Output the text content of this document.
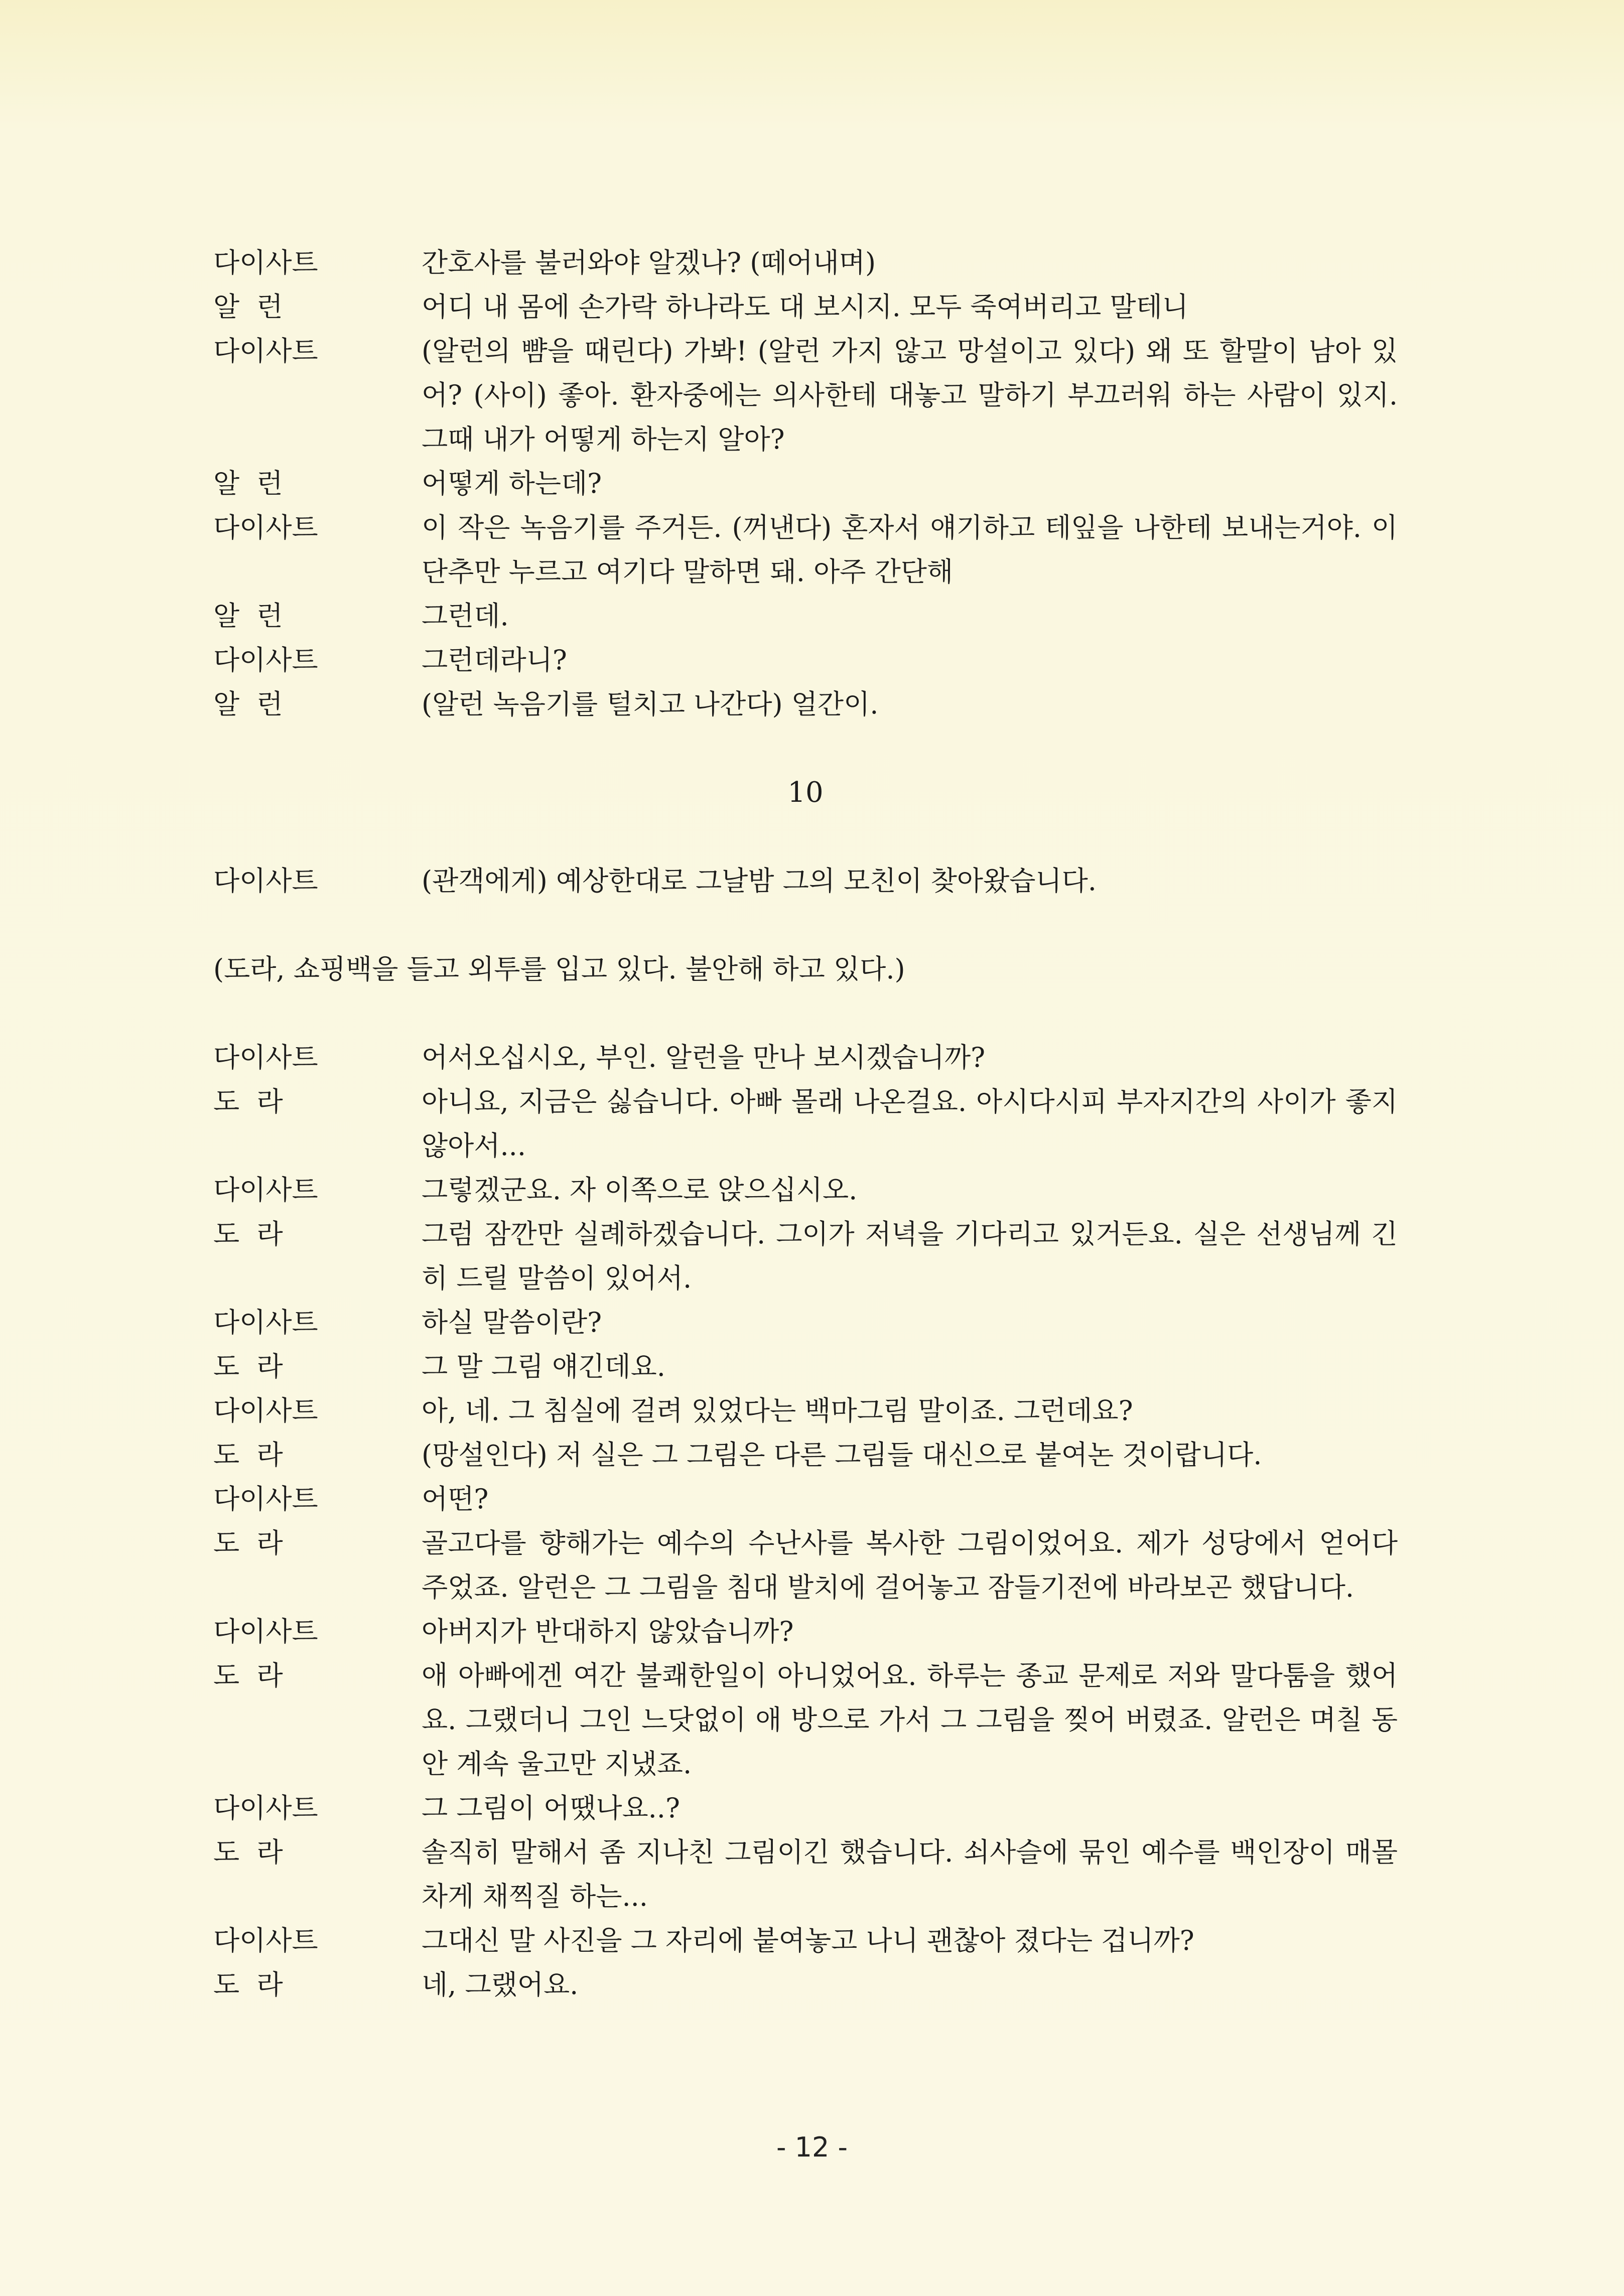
다이사트	간호사를 불러와야 알겠나? (떼어내며)
알  런	어디 내 몸에 손가락 하나라도 대 보시지. 모두 죽여버리고 말테니
다이사트	(알런의 뺨을 때린다) 가봐! (알런 가지 않고 망설이고 있다) 왜 또 할말이 남아 있어? (사이) 좋아. 환자중에는 의사한테 대놓고 말하기 부끄러워 하는 사람이 있지. 그때 내가 어떻게 하는지 알아?
알  런	어떻게 하는데?
다이사트	이 작은 녹음기를 주거든. (꺼낸다) 혼자서 얘기하고 테잎을 나한테 보내는거야. 이 단추만 누르고 여기다 말하면 돼. 아주 간단해
알  런	그런데.
다이사트	그런데라니?
알  런	(알런 녹음기를 털치고 나간다) 얼간이.
10
다이사트	(관객에게) 예상한대로 그날밤 그의 모친이 찾아왔습니다.
(도라, 쇼핑백을 들고 외투를 입고 있다. 불안해 하고 있다.)
다이사트	어서오십시오, 부인. 알런을 만나 보시겠습니까?
도  라	아니요, 지금은 싫습니다. 아빠 몰래 나온걸요. 아시다시피 부자지간의 사이가 좋지 않아서...
다이사트	그렇겠군요. 자 이쪽으로 앉으십시오.
도  라	그럼 잠깐만 실례하겠습니다. 그이가 저녁을 기다리고 있거든요. 실은 선생님께 긴히 드릴 말씀이 있어서.
다이사트	하실 말씀이란?
도  라	그 말 그림 얘긴데요.
다이사트	아, 네. 그 침실에 걸려 있었다는 백마그림 말이죠. 그런데요?
도  라	(망설인다) 저 실은 그 그림은 다른 그림들 대신으로 붙여논 것이랍니다.
다이사트	어떤?
도  라	골고다를 향해가는 예수의 수난사를 복사한 그림이었어요. 제가 성당에서 얻어다 주었죠. 알런은 그 그림을 침대 발치에 걸어놓고 잠들기전에 바라보곤 했답니다.
다이사트	아버지가 반대하지 않았습니까?
도  라	애 아빠에겐 여간 불쾌한일이 아니었어요. 하루는 종교 문제로 저와 말다툼을 했어요. 그랬더니 그인 느닷없이 애 방으로 가서 그 그림을 찢어 버렸죠. 알런은 며칠 동안 계속 울고만 지냈죠.
다이사트	그 그림이 어땠나요..?
도  라	솔직히 말해서 좀 지나친 그림이긴 했습니다. 쇠사슬에 묶인 예수를 백인장이 매몰차게 채찍질 하는...
다이사트	그대신 말 사진을 그 자리에 붙여놓고 나니 괜찮아 졌다는 겁니까?
도  라	네, 그랬어요.
- 12 -
